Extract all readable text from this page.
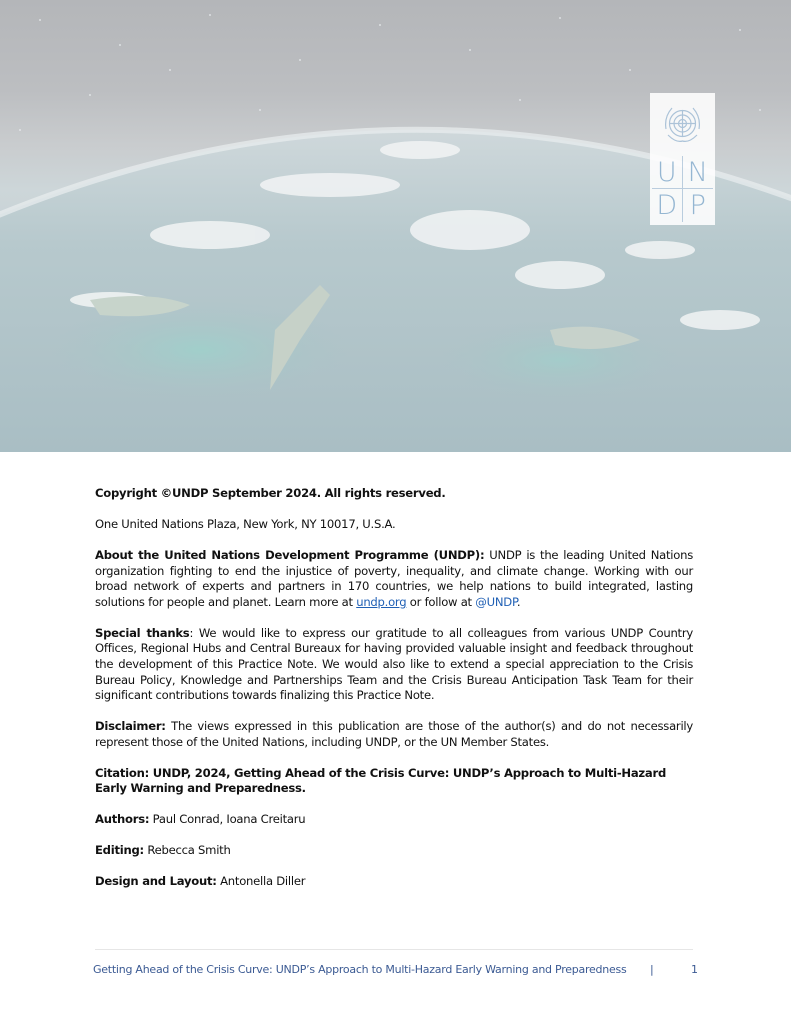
U N
D P

Copyright ©UNDP September 2024. All rights reserved.

One United Nations Plaza, New York, NY 10017, U.S.A.

About the United Nations Development Programme (UNDP): UNDP is the leading United Nations organization fighting to end the injustice of poverty, inequality, and climate change. Working with our broad network of experts and partners in 170 countries, we help nations to build integrated, lasting solutions for people and planet. Learn more at undp.org or follow at @UNDP.

Special thanks: We would like to express our gratitude to all colleagues from various UNDP Country Offices, Regional Hubs and Central Bureaux for having provided valuable insight and feedback throughout the development of this Practice Note. We would also like to extend a special appreciation to the Crisis Bureau Policy, Knowledge and Partnerships Team and the Crisis Bureau Anticipation Task Team for their significant contributions towards finalizing this Practice Note.

Disclaimer: The views expressed in this publication are those of the author(s) and do not necessarily represent those of the United Nations, including UNDP, or the UN Member States.

Citation: UNDP, 2024, Getting Ahead of the Crisis Curve: UNDP’s Approach to Multi-Hazard Early Warning and Preparedness.

Authors: Paul Conrad, Ioana Creitaru

Editing: Rebecca Smith

Design and Layout: Antonella Diller

Getting Ahead of the Crisis Curve: UNDP’s Approach to Multi-Hazard Early Warning and Preparedness |	1
